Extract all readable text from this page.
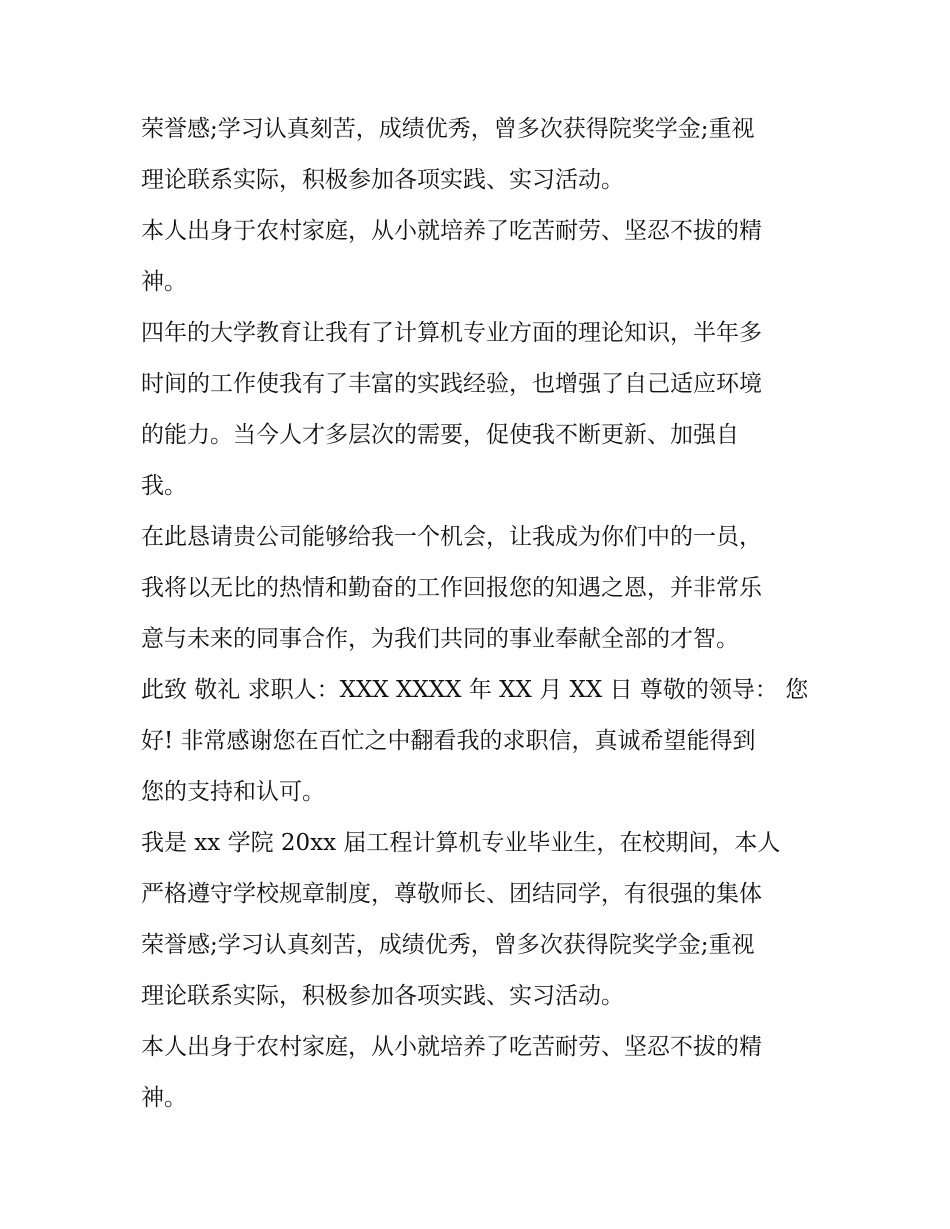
荣誉感;学习认真刻苦，成绩优秀，曾多次获得院奖学金;重视
理论联系实际，积极参加各项实践、实习活动。

本人出身于农村家庭，从小就培养了吃苦耐劳、坚忍不拔的精
神。

四年的大学教育让我有了计算机专业方面的理论知识，半年多
时间的工作使我有了丰富的实践经验，也增强了自己适应环境
的能力。当今人才多层次的需要，促使我不断更新、加强自
我。

在此恳请贵公司能够给我一个机会，让我成为你们中的一员，
我将以无比的热情和勤奋的工作回报您的知遇之恩，并非常乐
意与未来的同事合作，为我们共同的事业奉献全部的才智。

此致 敬礼 求职人：XXX XXXX 年 XX 月 XX 日 尊敬的领导： 您
好! 非常感谢您在百忙之中翻看我的求职信，真诚希望能得到
您的支持和认可。

我是 xx 学院 20xx 届工程计算机专业毕业生，在校期间，本人
严格遵守学校规章制度，尊敬师长、团结同学，有很强的集体
荣誉感;学习认真刻苦，成绩优秀，曾多次获得院奖学金;重视
理论联系实际，积极参加各项实践、实习活动。

本人出身于农村家庭，从小就培养了吃苦耐劳、坚忍不拔的精
神。
